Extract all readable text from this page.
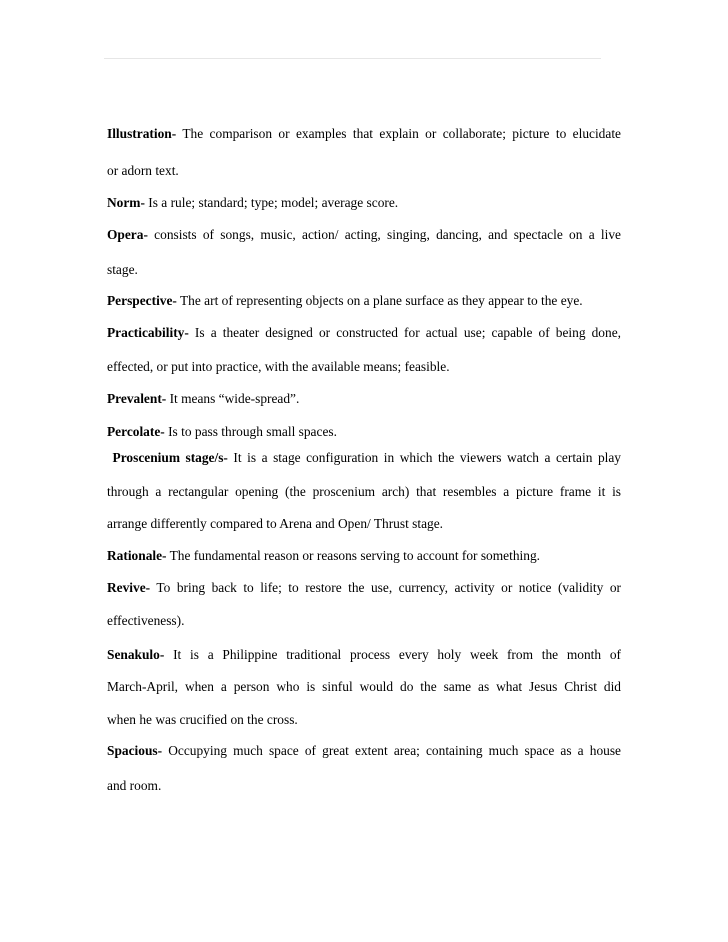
Illustration- The comparison or examples that explain or collaborate; picture to elucidate
or adorn text.
Norm- Is a rule; standard; type; model; average score.
Opera- consists of songs, music, action/ acting, singing, dancing, and spectacle on a live
stage.
Perspective- The art of representing objects on a plane surface as they appear to the eye.
Practicability- Is a theater designed or constructed for actual use; capable of being done,
effected, or put into practice, with the available means; feasible.
Prevalent- It means “wide-spread”.
Percolate- Is to pass through small spaces.
Proscenium stage/s- It is a stage configuration in which the viewers watch a certain play
through a rectangular opening (the proscenium arch) that resembles a picture frame it is
arrange differently compared to Arena and Open/ Thrust stage.
Rationale- The fundamental reason or reasons serving to account for something.
Revive- To bring back to life; to restore the use, currency, activity or notice (validity or
effectiveness).
Senakulo- It is a Philippine traditional process every holy week from the month of
March-April, when a person who is sinful would do the same as what Jesus Christ did
when he was crucified on the cross.
Spacious- Occupying much space of great extent area; containing much space as a house
and room.
